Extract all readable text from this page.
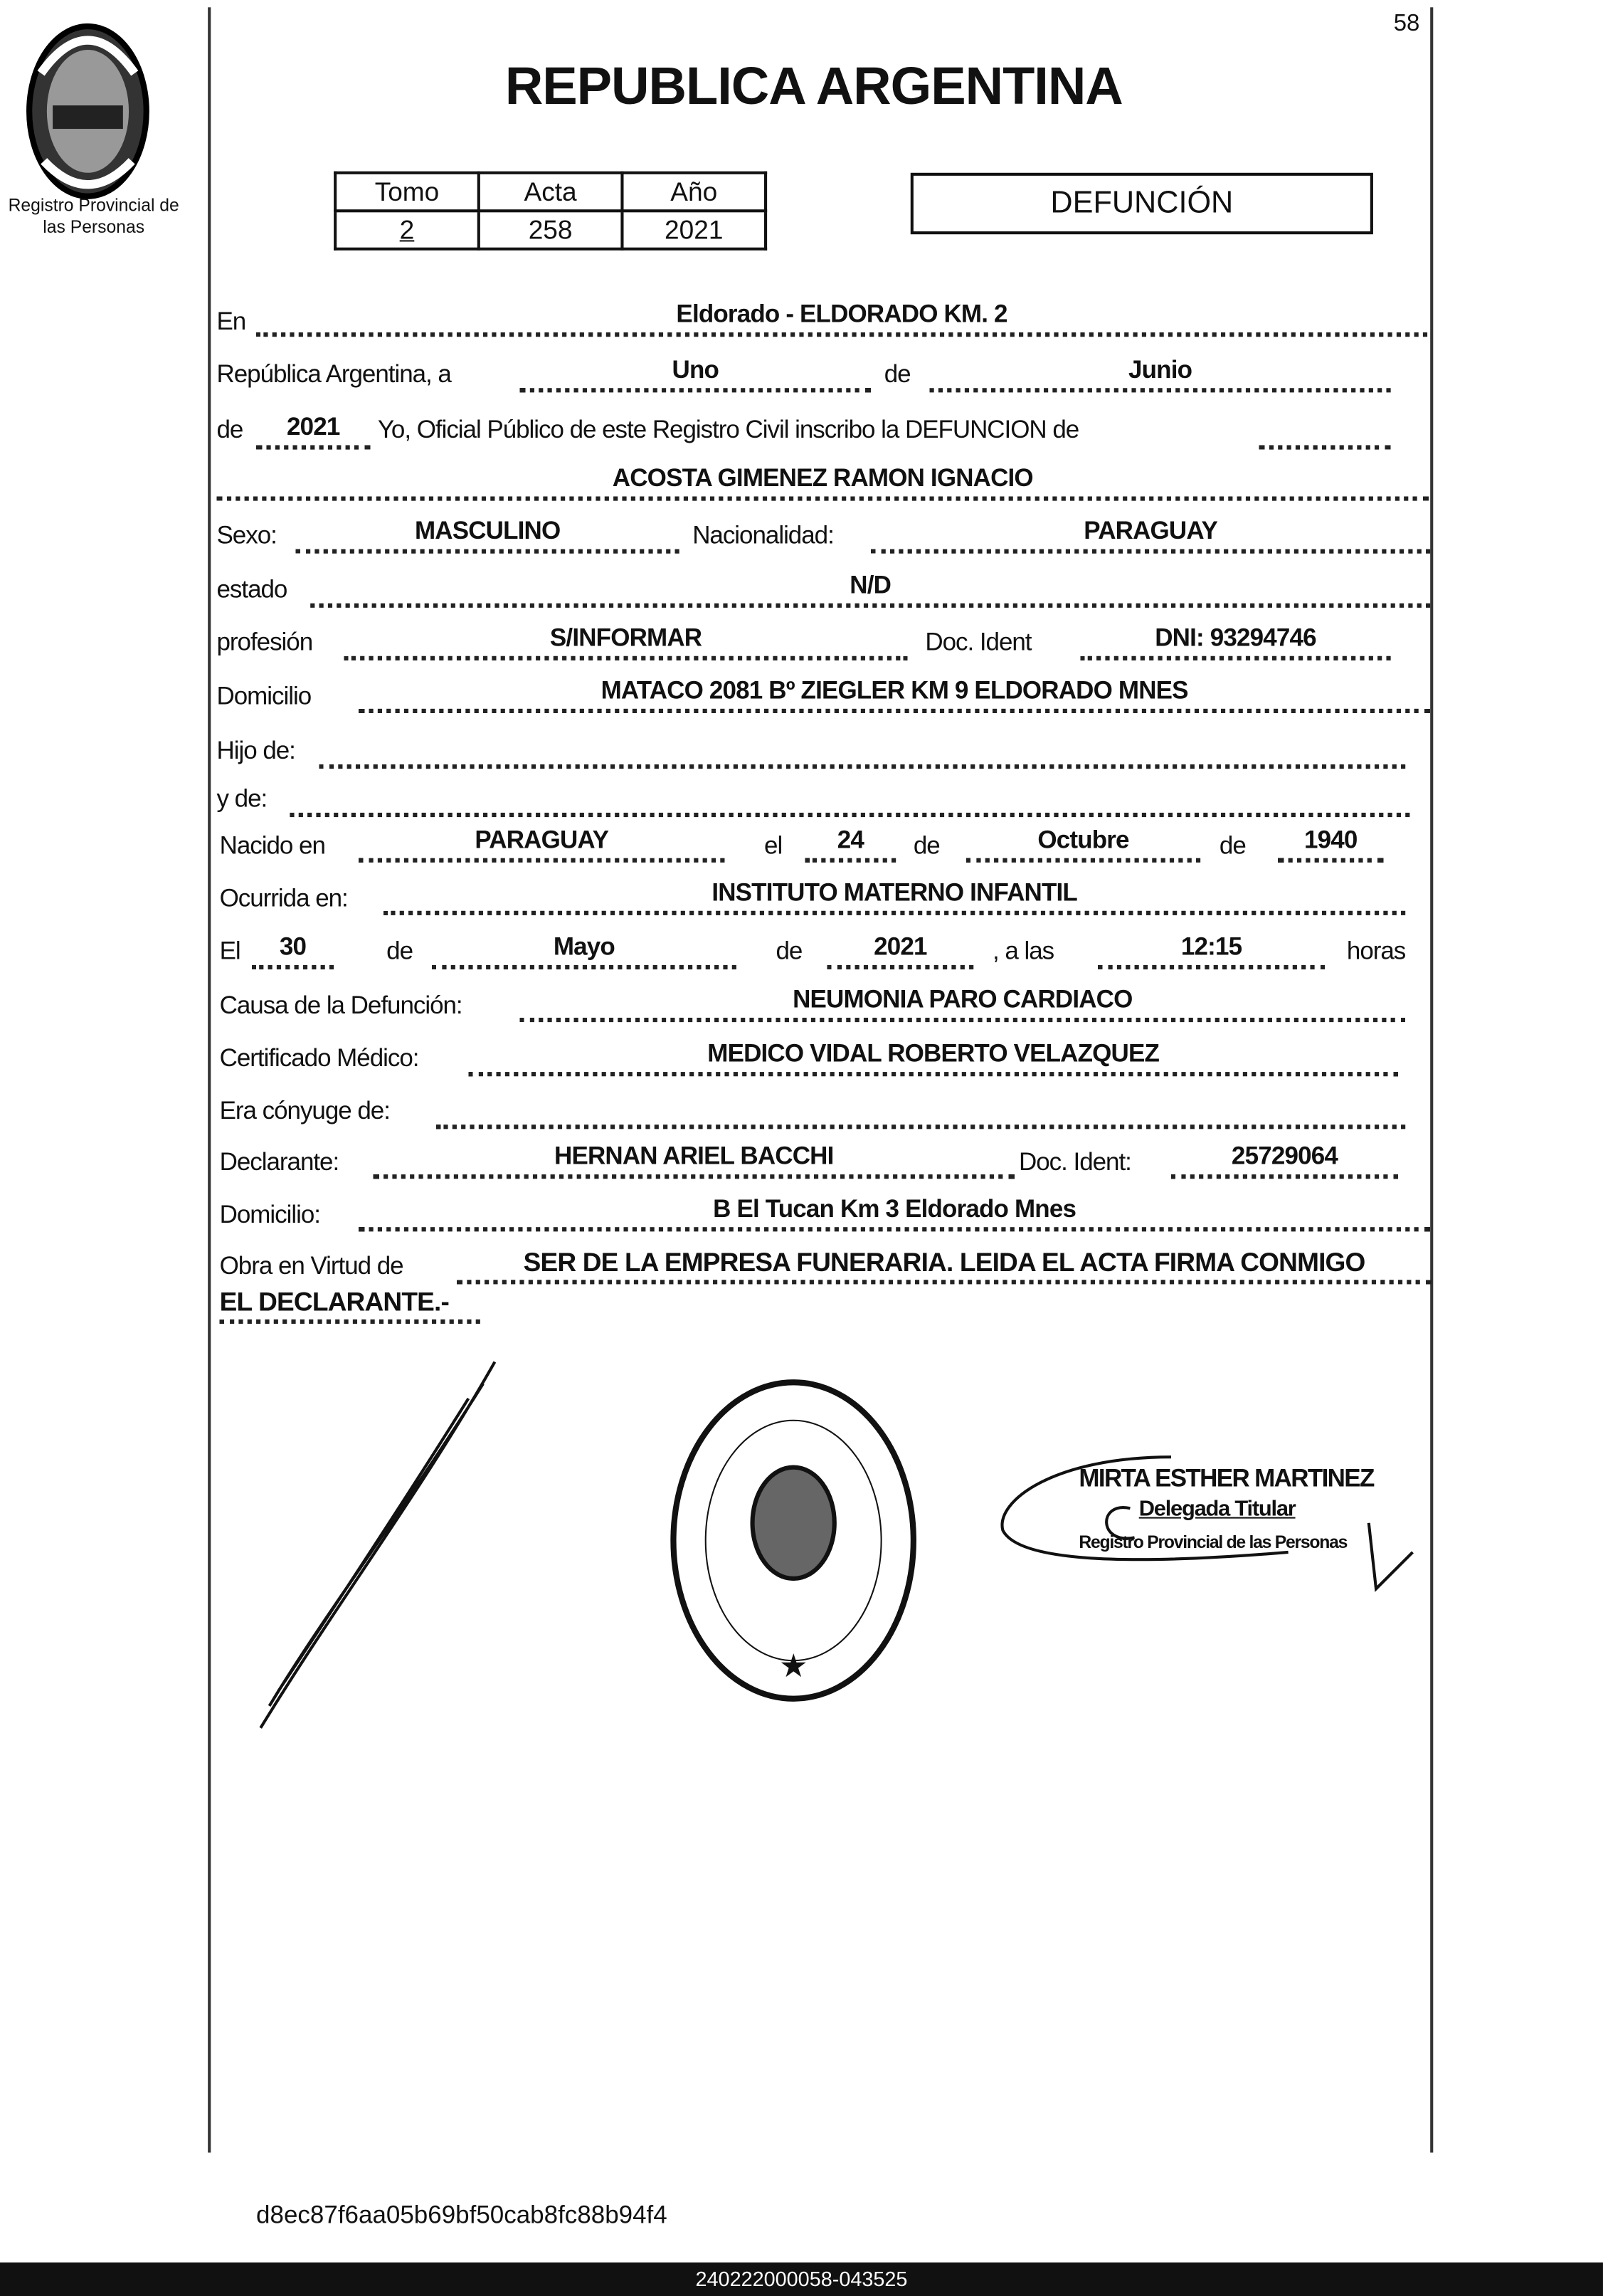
58
Registro Provincial de
las Personas
REPUBLICA ARGENTINA
Tomo	Acta	Año
2	258	2021
DEFUNCIÓN
En	Eldorado - ELDORADO KM. 2
República Argentina, a	Uno	de	Junio
de	2021	Yo, Oficial Público de este Registro Civil inscribo la DEFUNCION de
ACOSTA GIMENEZ RAMON IGNACIO
Sexo:	MASCULINO	Nacionalidad:	PARAGUAY
estado	N/D
profesión	S/INFORMAR	Doc. Ident	DNI: 93294746
Domicilio	MATACO 2081 Bº ZIEGLER KM 9 ELDORADO MNES
Hijo de:
y de:
Nacido en	PARAGUAY	el	24	de	Octubre	de	1940
Ocurrida en:	INSTITUTO MATERNO INFANTIL
El	30	de	Mayo	de	2021	, a las	12:15	horas
Causa de la Defunción:	NEUMONIA PARO CARDIACO
Certificado Médico:	MEDICO VIDAL ROBERTO VELAZQUEZ
Era cónyuge de:
Declarante:	HERNAN ARIEL BACCHI	Doc. Ident:	25729064
Domicilio:	B El Tucan Km 3 Eldorado Mnes
Obra en Virtud de	SER DE LA EMPRESA FUNERARIA. LEIDA EL ACTA FIRMA CONMIGO
EL DECLARANTE.-
★
MIRTA ESTHER MARTINEZ
Delegada Titular
Registro Provincial de las Personas
d8ec87f6aa05b69bf50cab8fc88b94f4
240222000058-043525
